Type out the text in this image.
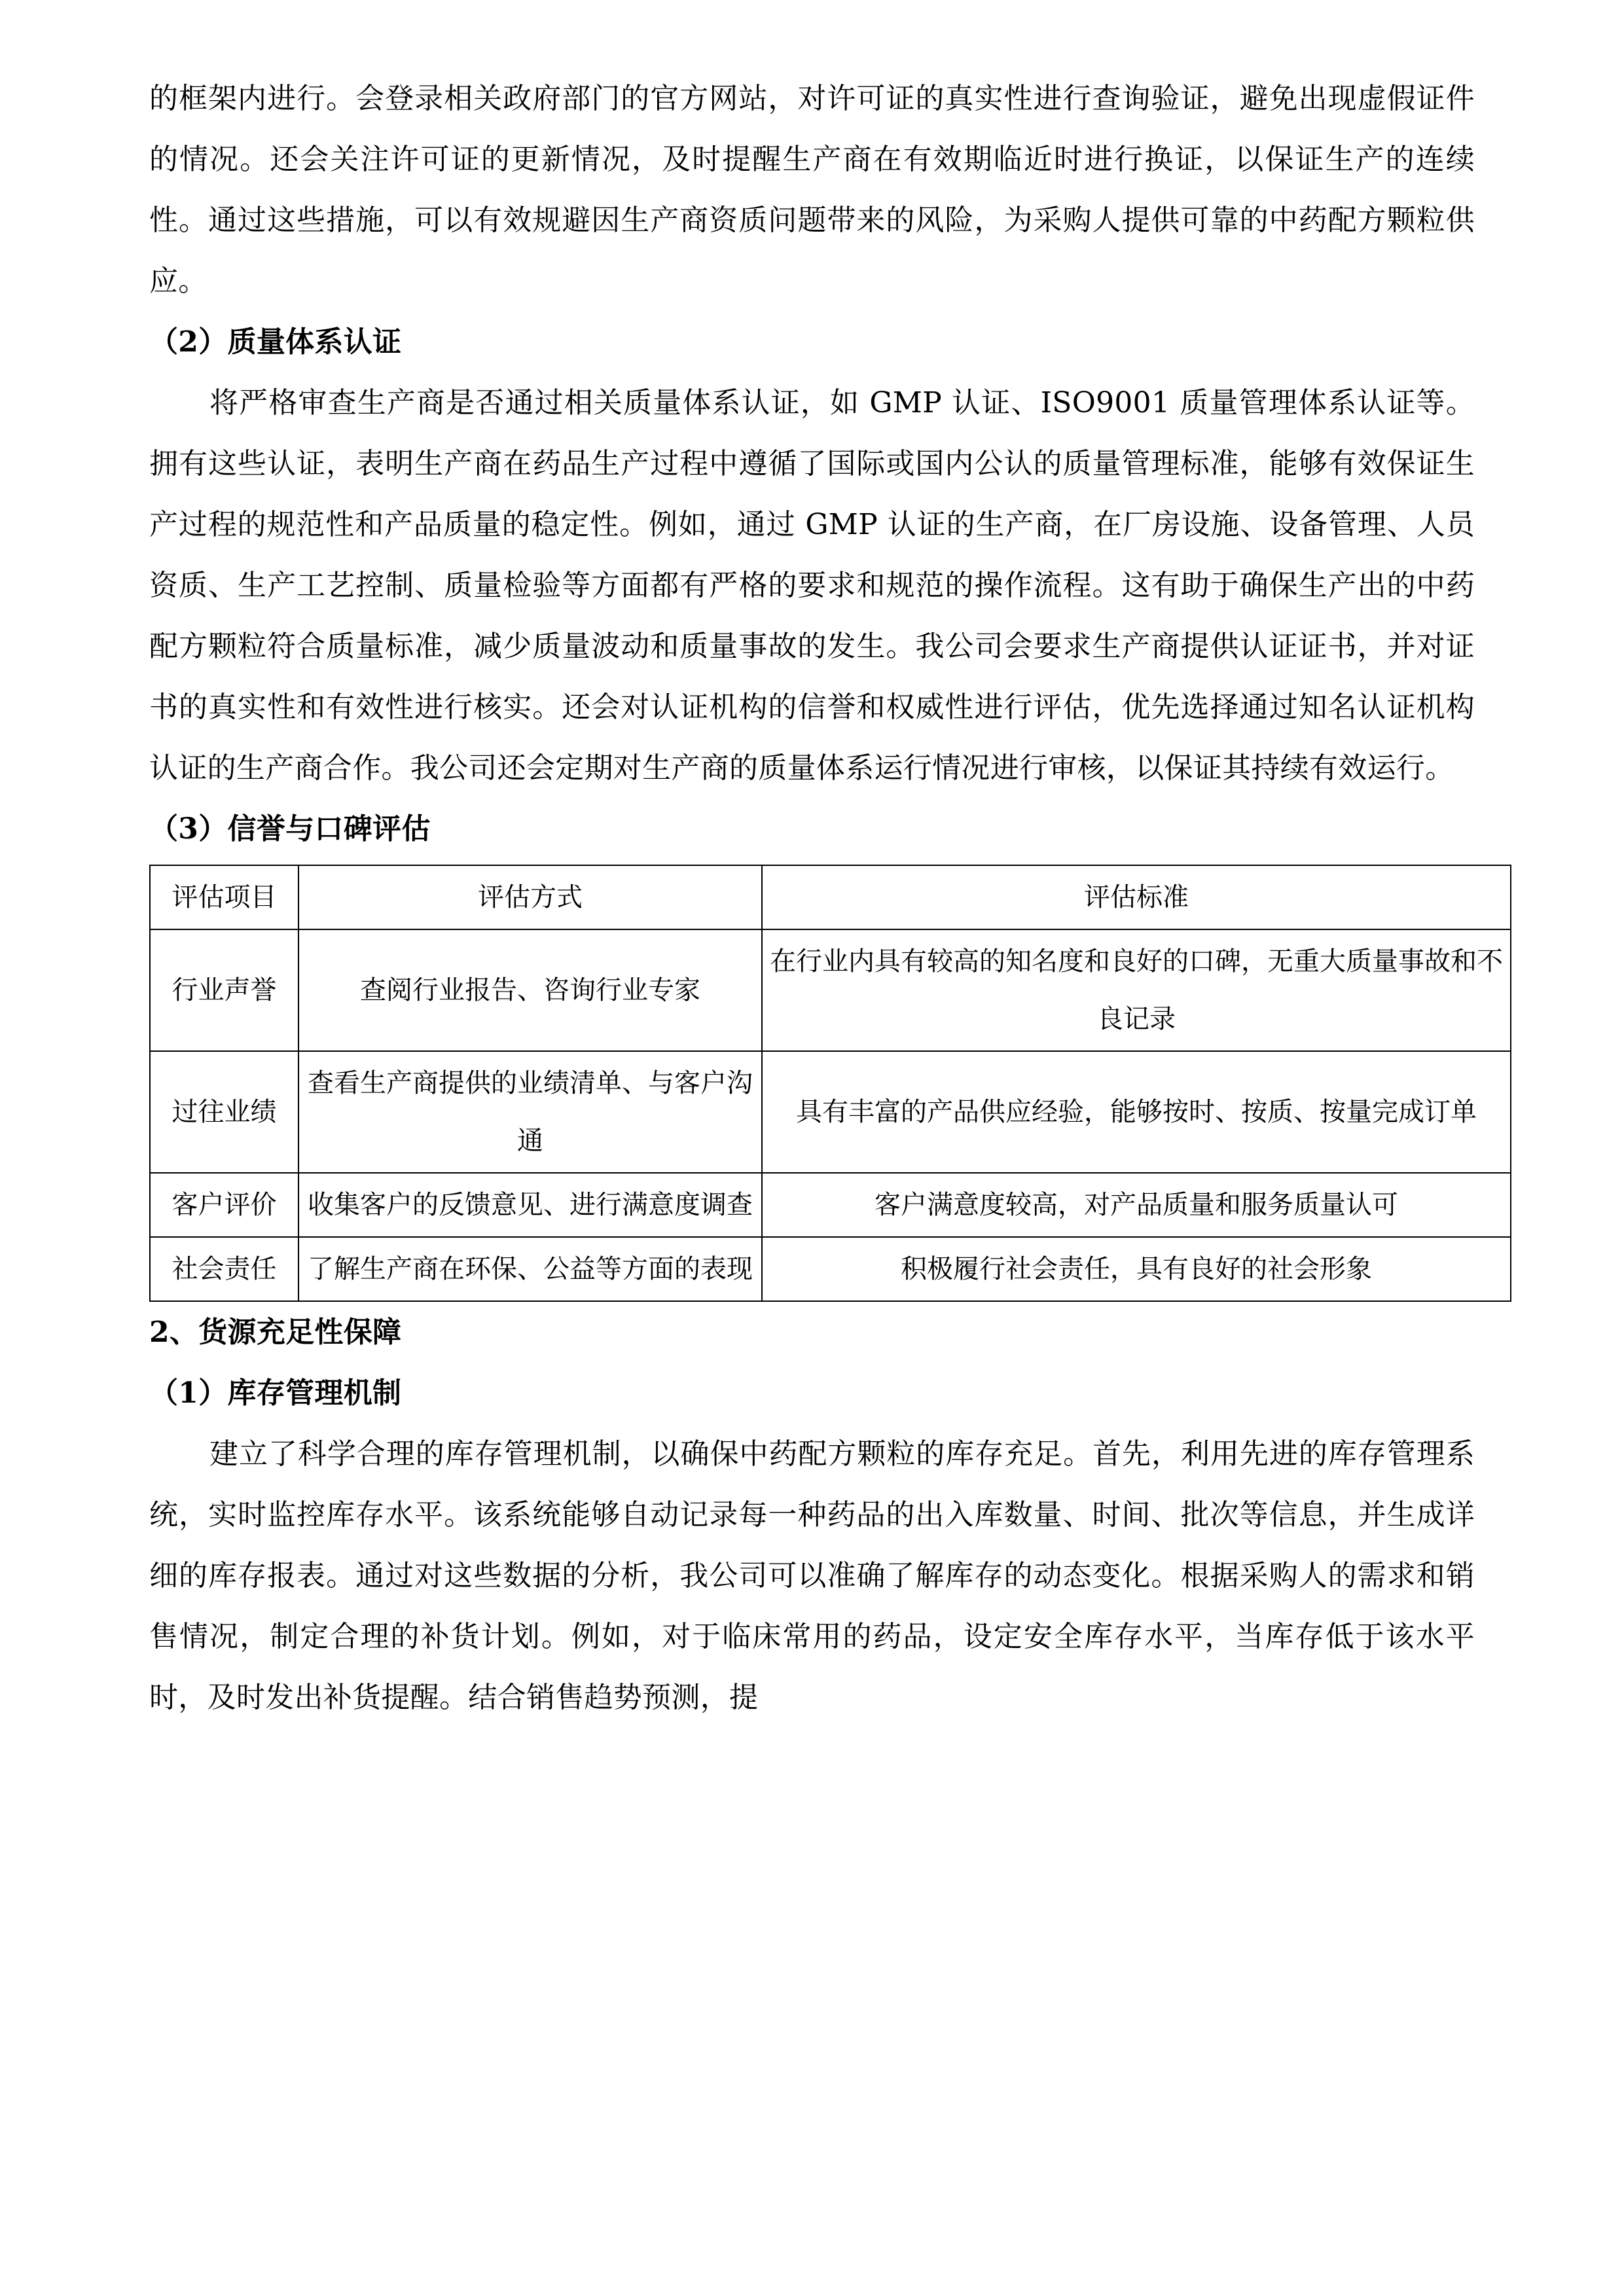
的框架内进行。会登录相关政府部门的官方网站，对许可证的真实性进行查询验证，避免出现虚假证件的情况。还会关注许可证的更新情况，及时提醒生产商在有效期临近时进行换证，以保证生产的连续性。通过这些措施，可以有效规避因生产商资质问题带来的风险，为采购人提供可靠的中药配方颗粒供应。

（2）质量体系认证

将严格审查生产商是否通过相关质量体系认证，如 GMP 认证、ISO9001 质量管理体系认证等。拥有这些认证，表明生产商在药品生产过程中遵循了国际或国内公认的质量管理标准，能够有效保证生产过程的规范性和产品质量的稳定性。例如，通过 GMP 认证的生产商，在厂房设施、设备管理、人员资质、生产工艺控制、质量检验等方面都有严格的要求和规范的操作流程。这有助于确保生产出的中药配方颗粒符合质量标准，减少质量波动和质量事故的发生。我公司会要求生产商提供认证证书，并对证书的真实性和有效性进行核实。还会对认证机构的信誉和权威性进行评估，优先选择通过知名认证机构认证的生产商合作。我公司还会定期对生产商的质量体系运行情况进行审核，以保证其持续有效运行。

（3）信誉与口碑评估
评估项目	评估方式	评估标准
行业声誉	查阅行业报告、咨询行业专家	在行业内具有较高的知名度和良好的口碑，无重大质量事故和不良记录
过往业绩	查看生产商提供的业绩清单、与客户沟通	具有丰富的产品供应经验，能够按时、按质、按量完成订单
客户评价	收集客户的反馈意见、进行满意度调查	客户满意度较高，对产品质量和服务质量认可
社会责任	了解生产商在环保、公益等方面的表现	积极履行社会责任，具有良好的社会形象
2、货源充足性保障
（1）库存管理机制

建立了科学合理的库存管理机制，以确保中药配方颗粒的库存充足。首先，利用先进的库存管理系统，实时监控库存水平。该系统能够自动记录每一种药品的出入库数量、时间、批次等信息，并生成详细的库存报表。通过对这些数据的分析，我公司可以准确了解库存的动态变化。根据采购人的需求和销售情况，制定合理的补货计划。例如，对于临床常用的药品，设定安全库存水平，当库存低于该水平时，及时发出补货提醒。结合销售趋势预测，提
